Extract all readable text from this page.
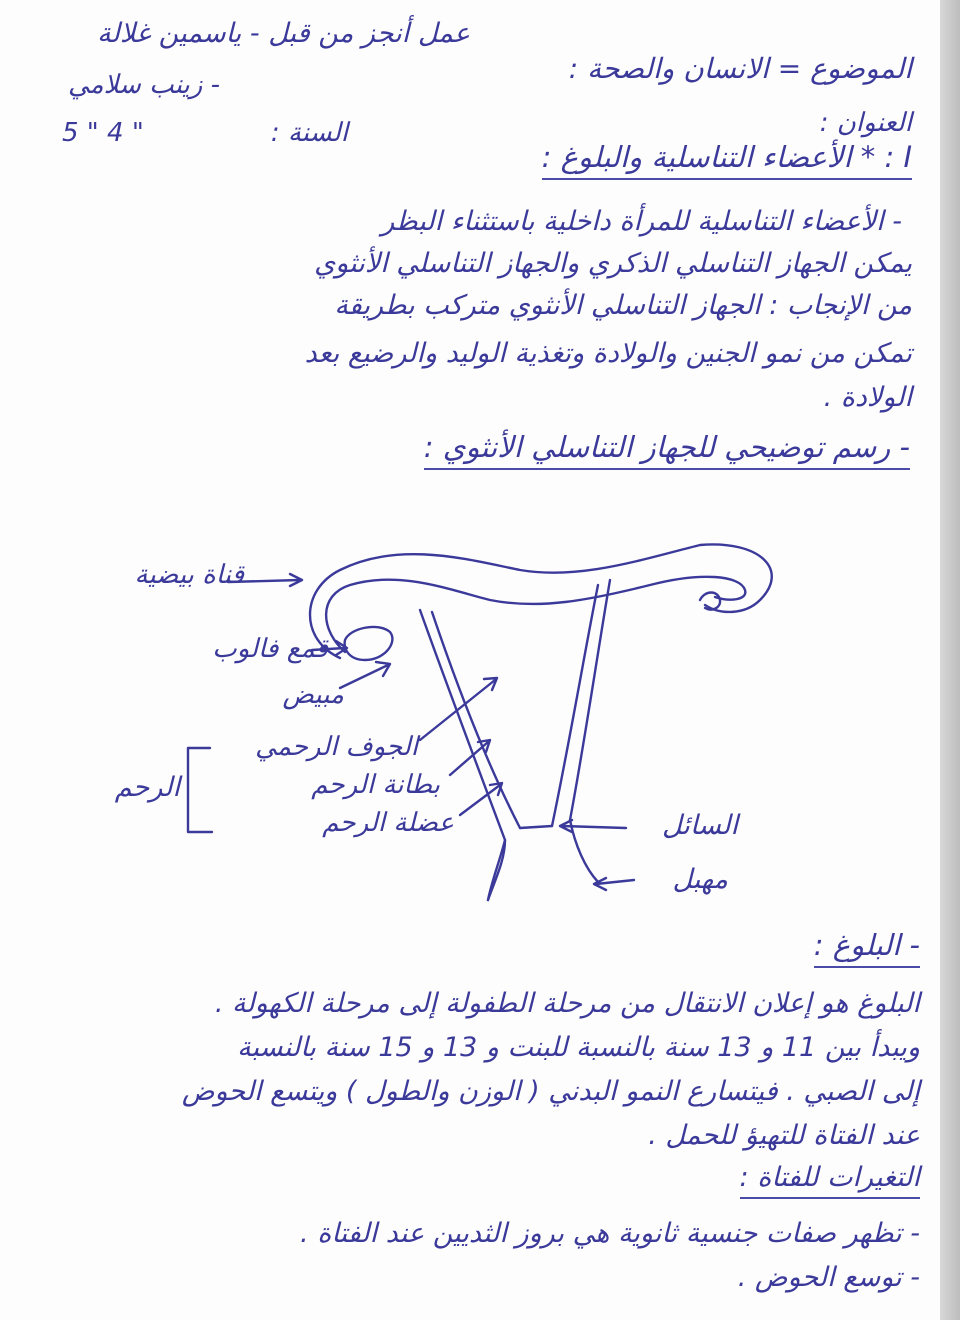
عمل أنجز من قبل - ياسمين غلالة
- زينب سلامي	الموضوع = الانسان والصحة :
العنوان :
السنة :
5 " 4 "
I : * الأعضاء التناسلية والبلوغ :
- الأعضاء التناسلية للمرأة داخلية باستثناء البظر
يمكن الجهاز التناسلي الذكري والجهاز التناسلي الأنثوي
من الإنجاب : الجهاز التناسلي الأنثوي متركب بطريقة
تمكن من نمو الجنين والولادة وتغذية الوليد والرضيع بعد
الولادة .
- رسم توضيحي للجهاز التناسلي الأنثوي :
قناة بيضية
قمع فالوب
مبيض
الجوف الرحمي
بطانة الرحم
عضلة الرحم
الرحم
السائل
مهبل
- البلوغ :
البلوغ هو إعلان الانتقال من مرحلة الطفولة إلى مرحلة الكهولة .
ويبدأ بين 11 و 13 سنة بالنسبة للبنت و 13 و 15 سنة بالنسبة
إلى الصبي . فيتسارع النمو البدني ( الوزن والطول ) ويتسع الحوض
عند الفتاة للتهيؤ للحمل .
التغيرات للفتاة :
- تظهر صفات جنسية ثانوية هي بروز الثديين عند الفتاة .
- توسع الحوض .
